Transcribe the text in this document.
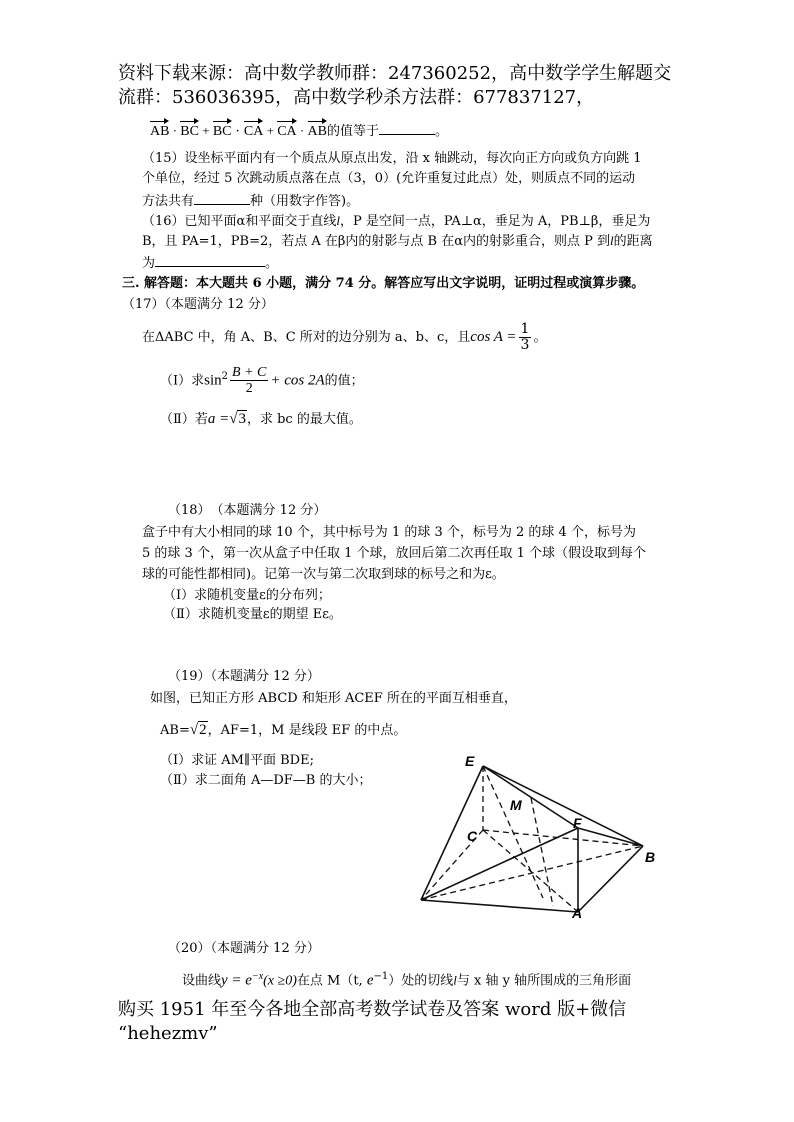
资料下载来源：高中数学教师群：247360252，高中数学学生解题交
流群：536036395，高中数学秒杀方法群：677837127，
AB · BC + BC · CA + CA · AB的值等于	。
（15）设坐标平面内有一个质点从原点出发，沿 x 轴跳动，每次向正方向或负方向跳 1
个单位，经过 5 次跳动质点落在点（3，0）(允许重复过此点）处，则质点不同的运动
方法共有	种（用数字作答)。
（16）已知平面α和平面交于直线l，P 是空间一点，PA⊥α，垂足为 A，PB⊥β，垂足为
B，且 PA=1，PB=2，若点 A 在β内的射影与点 B 在α内的射影重合，则点 P 到l的距离
为	。
三. 解答题：本大题共 6 小题，满分 74 分。解答应写出文字说明，证明过程或演算步骤。
（17）（本题满分 12 分）
在ΔABC 中，角 A、B、C 所对的边分别为 a、b、c，且$\cos A = \frac{1}{3}$ 。
（Ⅰ）求$\sin^2 \frac{B + C}{2} + \cos 2A$的值；
（Ⅱ）若a =√3，求 bc 的最大值。
（18）　（本题满分 12 分）
盒子中有大小相同的球 10 个，其中标号为 1 的球 3 个，标号为 2 的球 4 个，标号为
5 的球 3 个，第一次从盒子中任取 1 个球，放回后第二次再任取 1 个球（假设取到每个
球的可能性都相同)。记第一次与第二次取到球的标号之和为ε。
（Ⅰ）求随机变量ε的分布列；
（Ⅱ）求随机变量ε的期望 Eε。
（19）（本题满分 12 分）
如图，已知正方形 ABCD 和矩形 ACEF 所在的平面互相垂直，
AB=√2，AF=1，M 是线段 EF 的中点。
（Ⅰ）求证 AM∥平面 BDE;
（Ⅱ）求二面角 A—DF—B 的大小；
E
M
C
F
B
A
（20）（本题满分 12 分）
设曲线$y = e^{-x}(x \ge 0)$在点 M（t, $e^{-1}$）处的切线l与 x 轴 y 轴所围成的三角形面
购买 1951 年至今各地全部高考数学试卷及答案 word 版+微信
“hehezmv”
